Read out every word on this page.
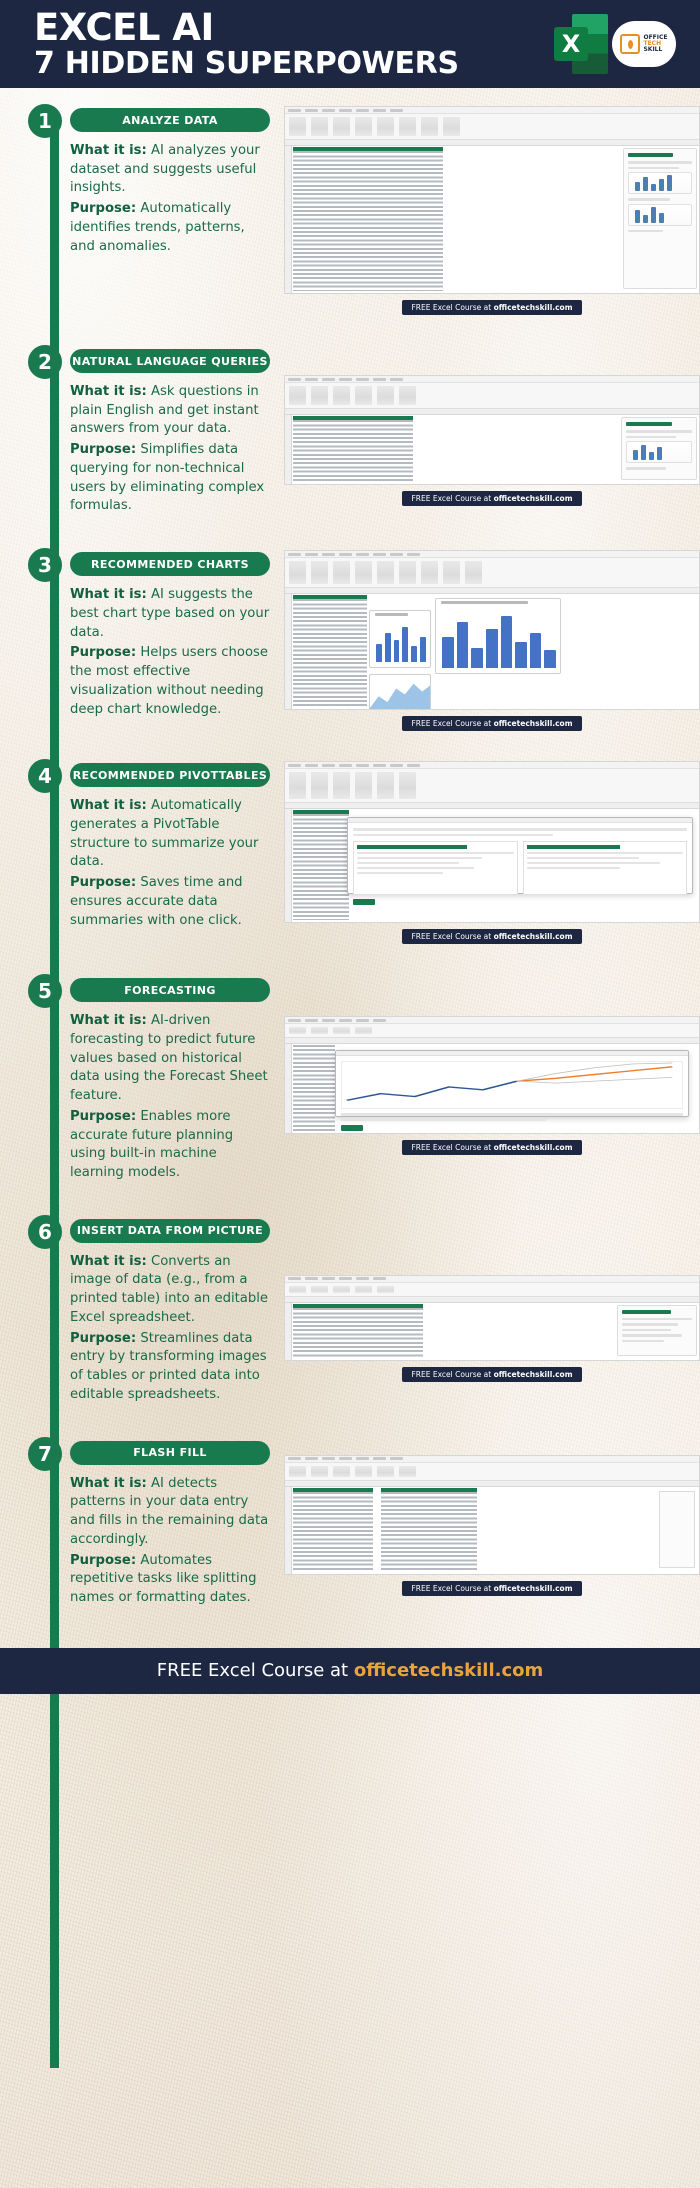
EXCEL AI
7 HIDDEN SUPERPOWERS
X	OFFICE
TECH
SKILL
1	ANALYZE DATA

What it is: AI analyzes your dataset and suggests useful insights.

Purpose: Automatically identifies trends, patterns, and anomalies.

FREE Excel Course at officetechskill.com
2	NATURAL LANGUAGE QUERIES

What it is: Ask questions in plain English and get instant answers from your data.

Purpose: Simplifies data querying for non-technical users by eliminating complex formulas.	FREE Excel Course at officetechskill.com
3	RECOMMENDED CHARTS

What it is: AI suggests the best chart type based on your data.

Purpose: Helps users choose the most effective visualization without needing deep chart knowledge.

FREE Excel Course at officetechskill.com
4	RECOMMENDED PIVOTTABLES

What it is: Automatically generates a PivotTable structure to summarize your data.

Purpose: Saves time and ensures accurate data summaries with one click.

FREE Excel Course at officetechskill.com
5	FORECASTING

What it is: AI-driven forecasting to predict future values based on historical data using the Forecast Sheet feature.

Purpose: Enables more accurate future planning using built-in machine learning models.

FREE Excel Course at officetechskill.com
6	INSERT DATA FROM PICTURE

What it is: Converts an image of data (e.g., from a printed table) into an editable Excel spreadsheet.

Purpose: Streamlines data entry by transforming images of tables or printed data into editable spreadsheets.

FREE Excel Course at officetechskill.com
7	FLASH FILL

What it is: AI detects patterns in your data entry and fills in the remaining data accordingly.

Purpose: Automates repetitive tasks like splitting names or formatting dates.

FREE Excel Course at officetechskill.com
FREE Excel Course at officetechskill.com
